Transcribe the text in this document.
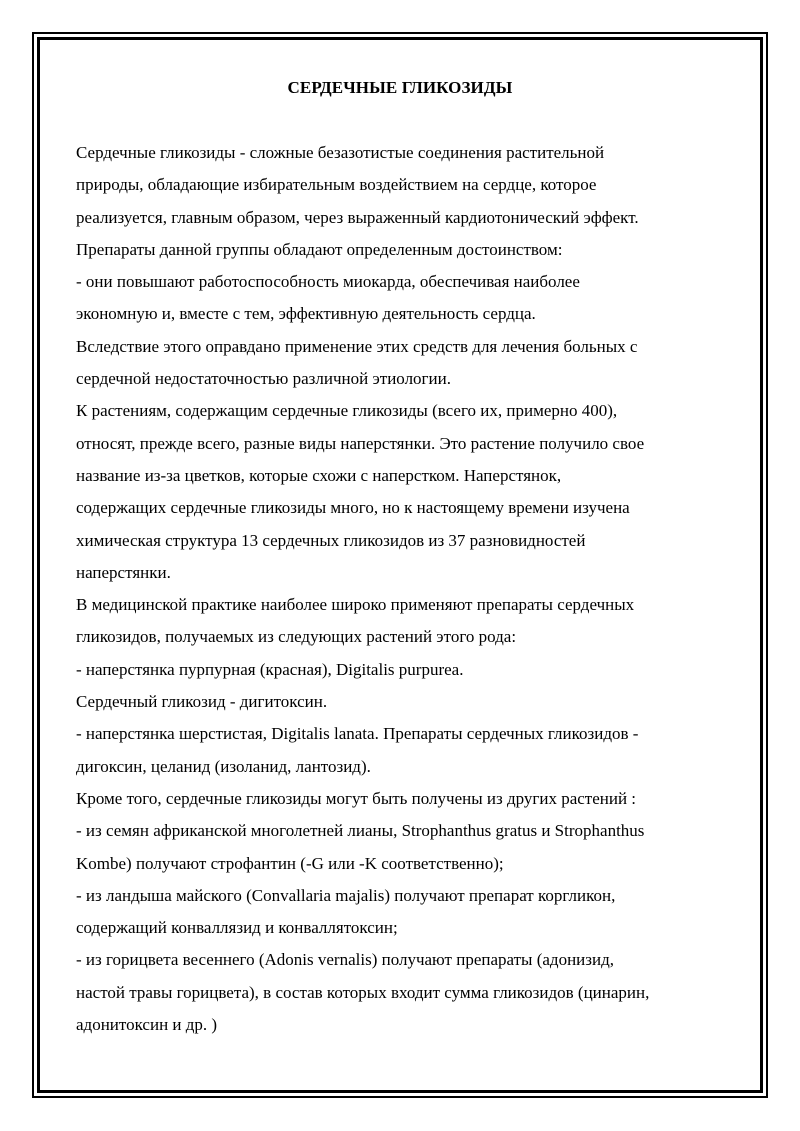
СЕРДЕЧНЫЕ ГЛИКОЗИДЫ
Сердечные гликозиды - сложные безазотистые соединения растительной
природы, обладающие избирательным воздействием на сердце, которое
реализуется, главным образом, через выраженный кардиотонический эффект.
Препараты данной группы обладают определенным достоинством:
- они повышают работоспособность миокарда, обеспечивая наиболее
экономную и, вместе с тем, эффективную деятельность сердца.
Вследствие этого оправдано применение этих средств для лечения больных с
сердечной недостаточностью различной этиологии.
К растениям, содержащим сердечные гликозиды (всего их, примерно 400),
относят, прежде всего, разные виды наперстянки. Это растение получило свое
название из-за цветков, которые схожи с наперстком. Наперстянок,
содержащих сердечные гликозиды много, но к настоящему времени изучена
химическая структура 13 сердечных гликозидов из 37 разновидностей
наперстянки.
В медицинской практике наиболее широко применяют препараты сердечных
гликозидов, получаемых из следующих растений этого рода:
- наперстянка пурпурная (красная), Digitalis purpurea.
Сердечный гликозид - дигитоксин.
- наперстянка шерстистая, Digitalis lanata. Препараты сердечных гликозидов -
дигоксин, целанид (изоланид, лантозид).
Кроме того, сердечные гликозиды могут быть получены из других растений :
- из семян африканской многолетней лианы, Strophanthus gratus и Strophanthus
Kombe) получают строфантин (-G или -K соответственно);
- из ландыша майского (Convallaria majalis) получают препарат коргликон,
содержащий конваллязид и конваллятоксин;
- из горицвета весеннего (Adonis vernalis) получают препараты (адонизид,
настой травы горицвета), в состав которых входит сумма гликозидов (цинарин,
адонитоксин и др. )
